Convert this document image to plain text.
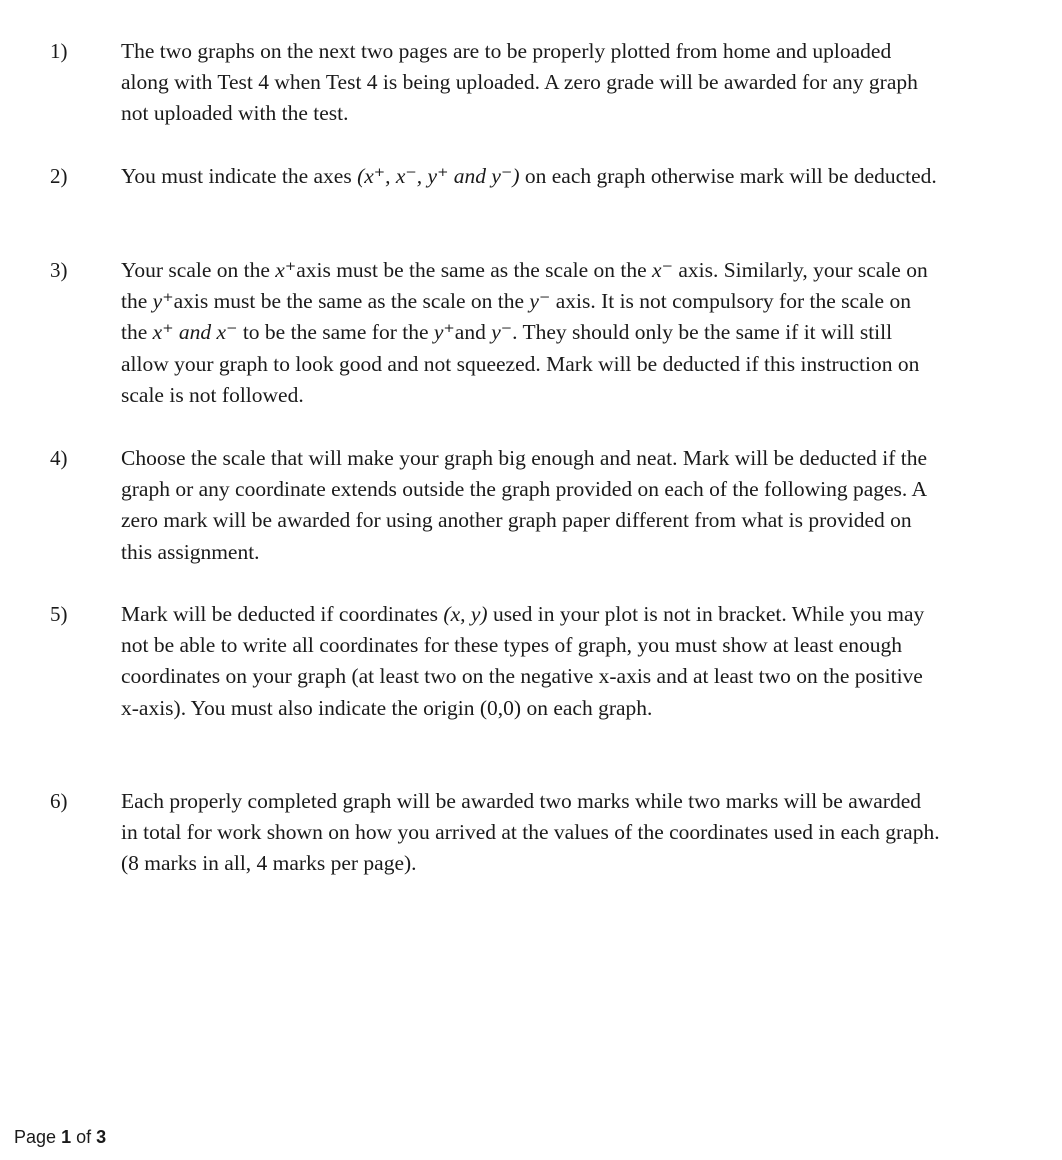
1) The two graphs on the next two pages are to be properly plotted from home and uploaded along with Test 4 when Test 4 is being uploaded. A zero grade will be awarded for any graph not uploaded with the test.
2) You must indicate the axes (x⁺, x⁻, y⁺ and y⁻) on each graph otherwise mark will be deducted.
3) Your scale on the x⁺axis must be the same as the scale on the x⁻ axis. Similarly, your scale on the y⁺axis must be the same as the scale on the y⁻ axis. It is not compulsory for the scale on the x⁺ and x⁻ to be the same for the y⁺and y⁻. They should only be the same if it will still allow your graph to look good and not squeezed. Mark will be deducted if this instruction on scale is not followed.
4) Choose the scale that will make your graph big enough and neat. Mark will be deducted if the graph or any coordinate extends outside the graph provided on each of the following pages. A zero mark will be awarded for using another graph paper different from what is provided on this assignment.
5) Mark will be deducted if coordinates (x, y) used in your plot is not in bracket. While you may not be able to write all coordinates for these types of graph, you must show at least enough coordinates on your graph (at least two on the negative x-axis and at least two on the positive x-axis). You must also indicate the origin (0,0) on each graph.
6) Each properly completed graph will be awarded two marks while two marks will be awarded in total for work shown on how you arrived at the values of the coordinates used in each graph. (8 marks in all, 4 marks per page).
Page 1 of 3
